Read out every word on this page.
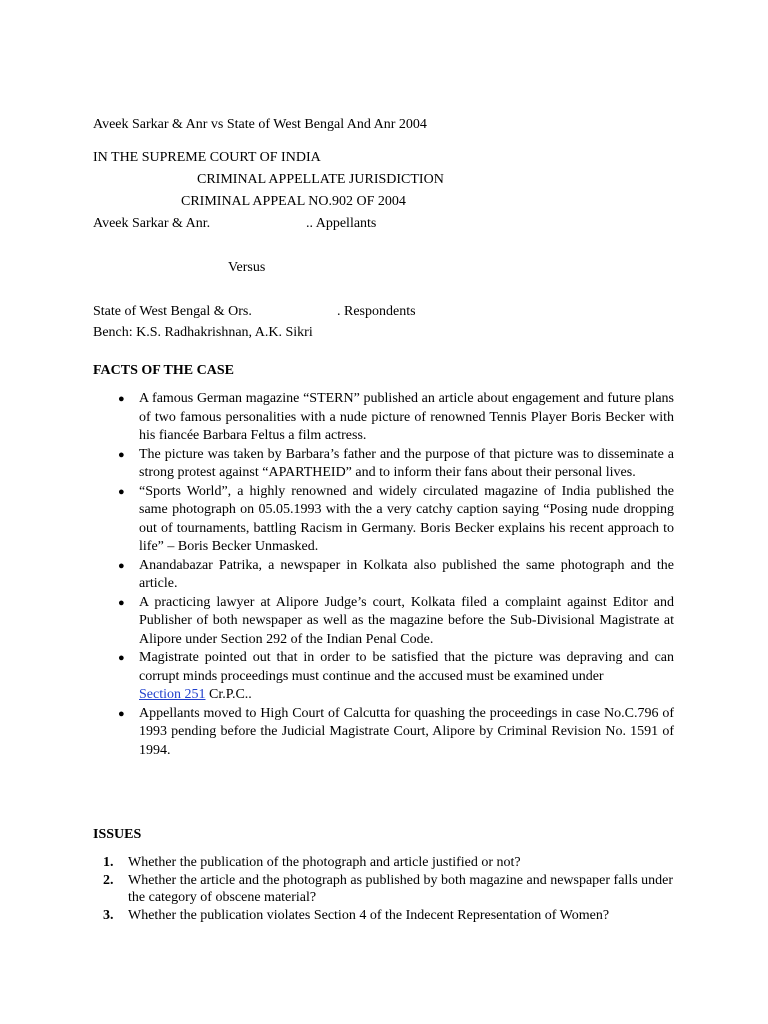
Aveek Sarkar & Anr vs State of West Bengal And Anr 2004
IN THE SUPREME COURT OF INDIA
CRIMINAL APPELLATE JURISDICTION
CRIMINAL APPEAL NO.902 OF 2004
Aveek Sarkar & Anr.	.. Appellants
Versus
State of West Bengal & Ors.	. Respondents
Bench: K.S. Radhakrishnan, A.K. Sikri
FACTS OF THE CASE
● A famous German magazine “STERN” published an article about engagement and future plans of two famous personalities with a nude picture of renowned Tennis Player Boris Becker with his fiancée Barbara Feltus a film actress.
● The picture was taken by Barbara’s father and the purpose of that picture was to disseminate a strong protest against “APARTHEID” and to inform their fans about their personal lives.
● “Sports World”, a highly renowned and widely circulated magazine of India published the same photograph on 05.05.1993 with the a very catchy caption saying “Posing nude dropping out of tournaments, battling Racism in Germany. Boris Becker explains his recent approach to life” – Boris Becker Unmasked.
● Anandabazar Patrika, a newspaper in Kolkata also published the same photograph and the article.
● A practicing lawyer at Alipore Judge’s court, Kolkata filed a complaint against Editor and Publisher of both newspaper as well as the magazine before the Sub-Divisional Magistrate at Alipore under Section 292 of the Indian Penal Code.
● Magistrate pointed out that in order to be satisfied that the picture was depraving and can corrupt minds proceedings must continue and the accused must be examined under
Section 251 Cr.P.C..
● Appellants moved to High Court of Calcutta for quashing the proceedings in case No.C.796 of 1993 pending before the Judicial Magistrate Court, Alipore by Criminal Revision No. 1591 of 1994.
ISSUES
1. Whether the publication of the photograph and article justified or not?
2. Whether the article and the photograph as published by both magazine and newspaper falls under the category of obscene material?
3. Whether the publication violates Section 4 of the Indecent Representation of Women?
